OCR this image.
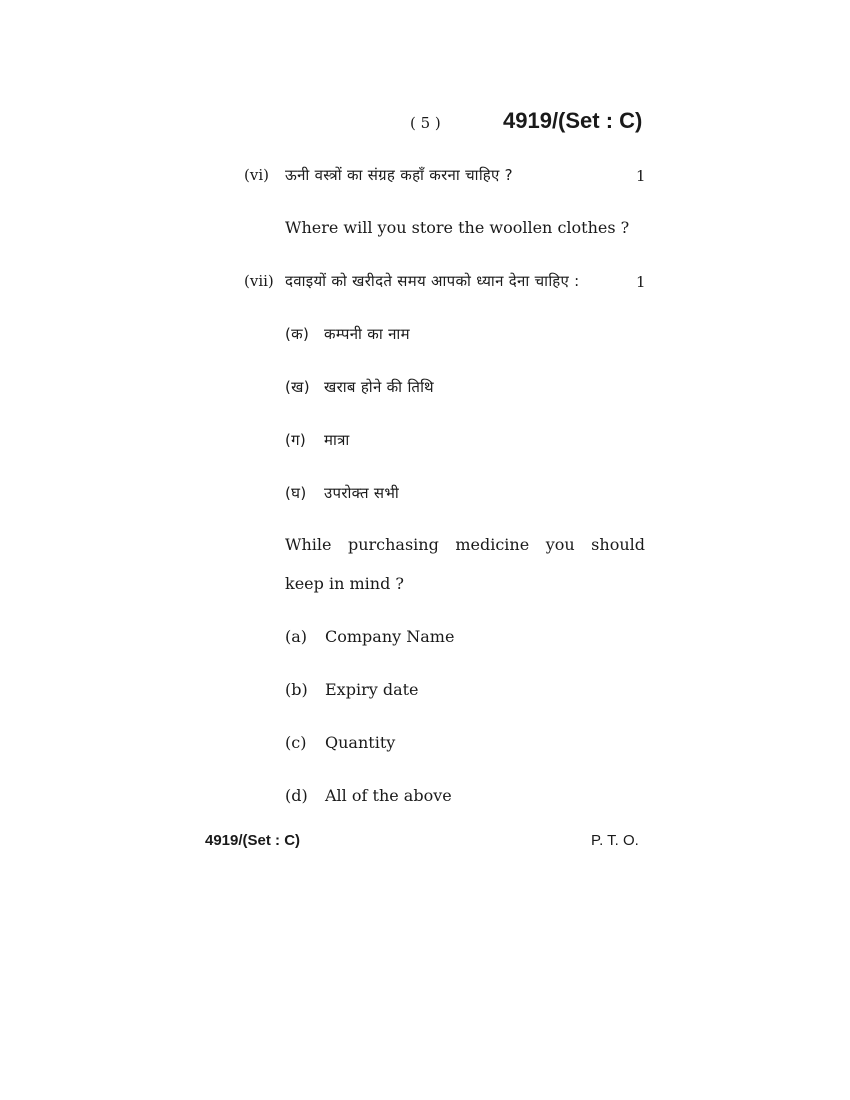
( 5 )	4919/(Set : C)
(vi) ऊनी वस्त्रों का संग्रह कहाँ करना चाहिए ?	1
Where will you store the woollen clothes ?
(vii) दवाइयों को खरीदते समय आपको ध्यान देना चाहिए :	1
(क) कम्पनी का नाम
(ख) खराब होने की तिथि
(ग) मात्रा
(घ) उपरोक्त सभी
While purchasing medicine you should
keep in mind ?
(a) Company Name
(b) Expiry date
(c) Quantity
(d) All of the above
4919/(Set : C)	P. T. O.
